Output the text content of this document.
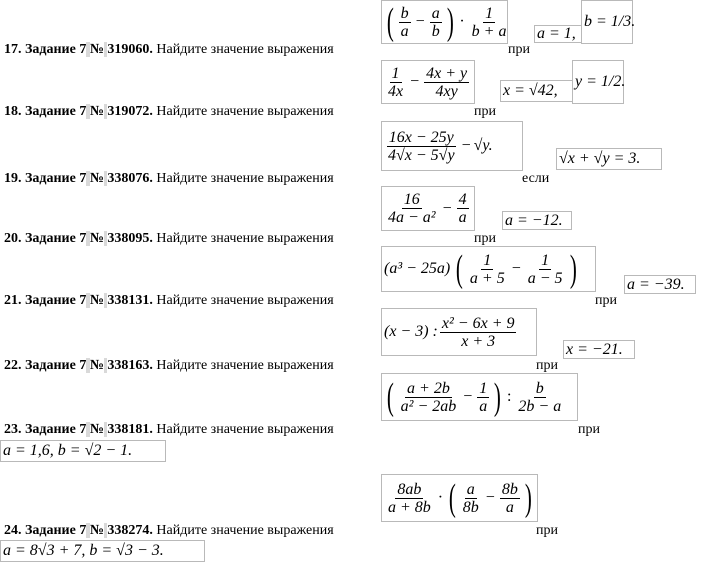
( $\frac{b}{a} - \frac{a}{b}$ ) · $\frac{1}{b + a}$ a = 1,
b = 1/3.
17. Задание 7 № 319060. Найдите значение выражения	при
$\frac{1}{4x} - \frac{4x + y}{4xy}$ x = √42,
y = 1/2.
18. Задание 7 № 319072. Найдите значение выражения	при
$\frac{16x - 25y}{4√x - 5√y} - √y$.
√x + √y = 3.
19. Задание 7 № 338076. Найдите значение выражения	если
$\frac{16}{\text{4a − a²}} - \frac{4}{a}$ a = −12.
20. Задание 7 № 338095. Найдите значение выражения	при
(a³ − 25a) ( $\frac{1}{a + 5} - \frac{1}{a - 5}$ )	a = −39.
21. Задание 7 № 338131. Найдите значение выражения	при
(x − 3) : $\frac{\text{x² − 6x + 9}}{x + 3}$	x = −21.
22. Задание 7 № 338163. Найдите значение выражения	при
( $\frac{a + 2b}{\text{a² − 2ab}} - \frac{1}{a}$ ) : $\frac{b}{2b - a}$
23. Задание 7 № 338181. Найдите значение выражения	при
a = 1,6, b = √2 − 1.
$\frac{8ab}{a + 8b}$ · ( $\frac{a}{8b} - \frac{8b}{a}$ )
24. Задание 7 № 338274. Найдите значение выражения	при
a = 8√3 + 7, b = √3 − 3.
